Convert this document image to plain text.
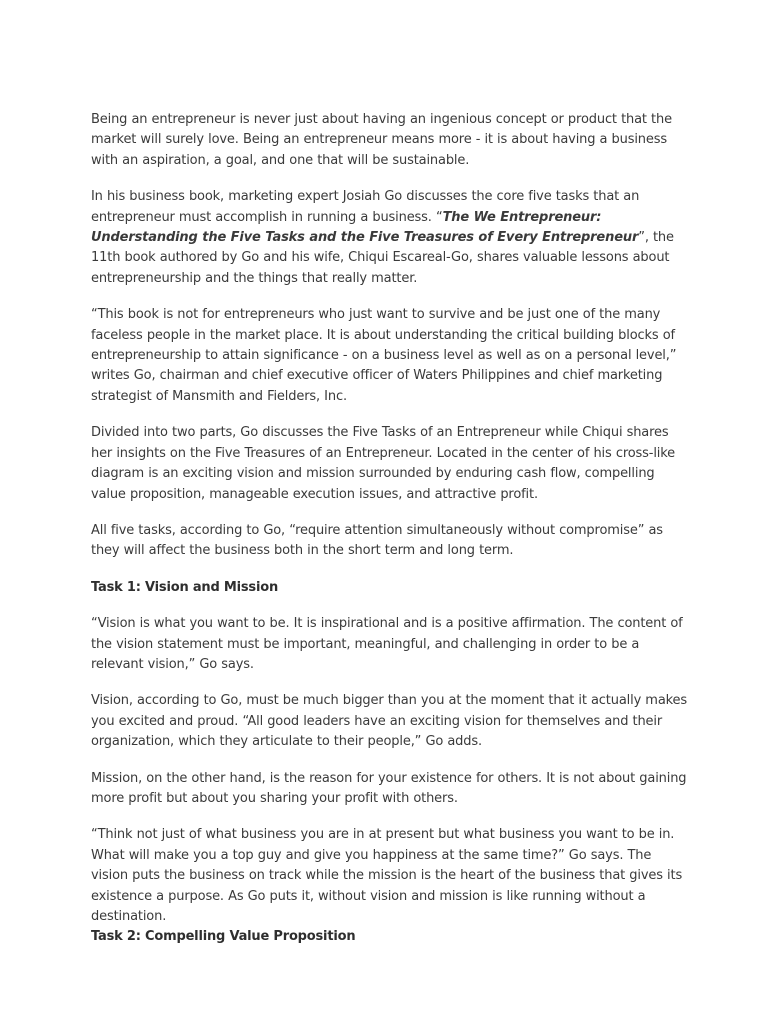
Being an entrepreneur is never just about having an ingenious concept or product that the market will surely love. Being an entrepreneur means more - it is about having a business with an aspiration, a goal, and one that will be sustainable.

In his business book, marketing expert Josiah Go discusses the core five tasks that an entrepreneur must accomplish in running a business. “The We Entrepreneur: Understanding the Five Tasks and the Five Treasures of Every Entrepreneur”, the 11th book authored by Go and his wife, Chiqui Escareal-Go, shares valuable lessons about entrepreneurship and the things that really matter.

“This book is not for entrepreneurs who just want to survive and be just one of the many faceless people in the market place. It is about understanding the critical building blocks of entrepreneurship to attain significance - on a business level as well as on a personal level,” writes Go, chairman and chief executive officer of Waters Philippines and chief marketing strategist of Mansmith and Fielders, Inc.

Divided into two parts, Go discusses the Five Tasks of an Entrepreneur while Chiqui shares her insights on the Five Treasures of an Entrepreneur. Located in the center of his cross-like diagram is an exciting vision and mission surrounded by enduring cash flow, compelling value proposition, manageable execution issues, and attractive profit.

All five tasks, according to Go, “require attention simultaneously without compromise” as they will affect the business both in the short term and long term.

Task 1: Vision and Mission

“Vision is what you want to be. It is inspirational and is a positive affirmation. The content of the vision statement must be important, meaningful, and challenging in order to be a relevant vision,” Go says.

Vision, according to Go, must be much bigger than you at the moment that it actually makes you excited and proud. “All good leaders have an exciting vision for themselves and their organization, which they articulate to their people,” Go adds.

Mission, on the other hand, is the reason for your existence for others. It is not about gaining more profit but about you sharing your profit with others.

“Think not just of what business you are in at present but what business you want to be in. What will make you a top guy and give you happiness at the same time?” Go says. The vision puts the business on track while the mission is the heart of the business that gives its existence a purpose. As Go puts it, without vision and mission is like running without a destination.

Task 2: Compelling Value Proposition
